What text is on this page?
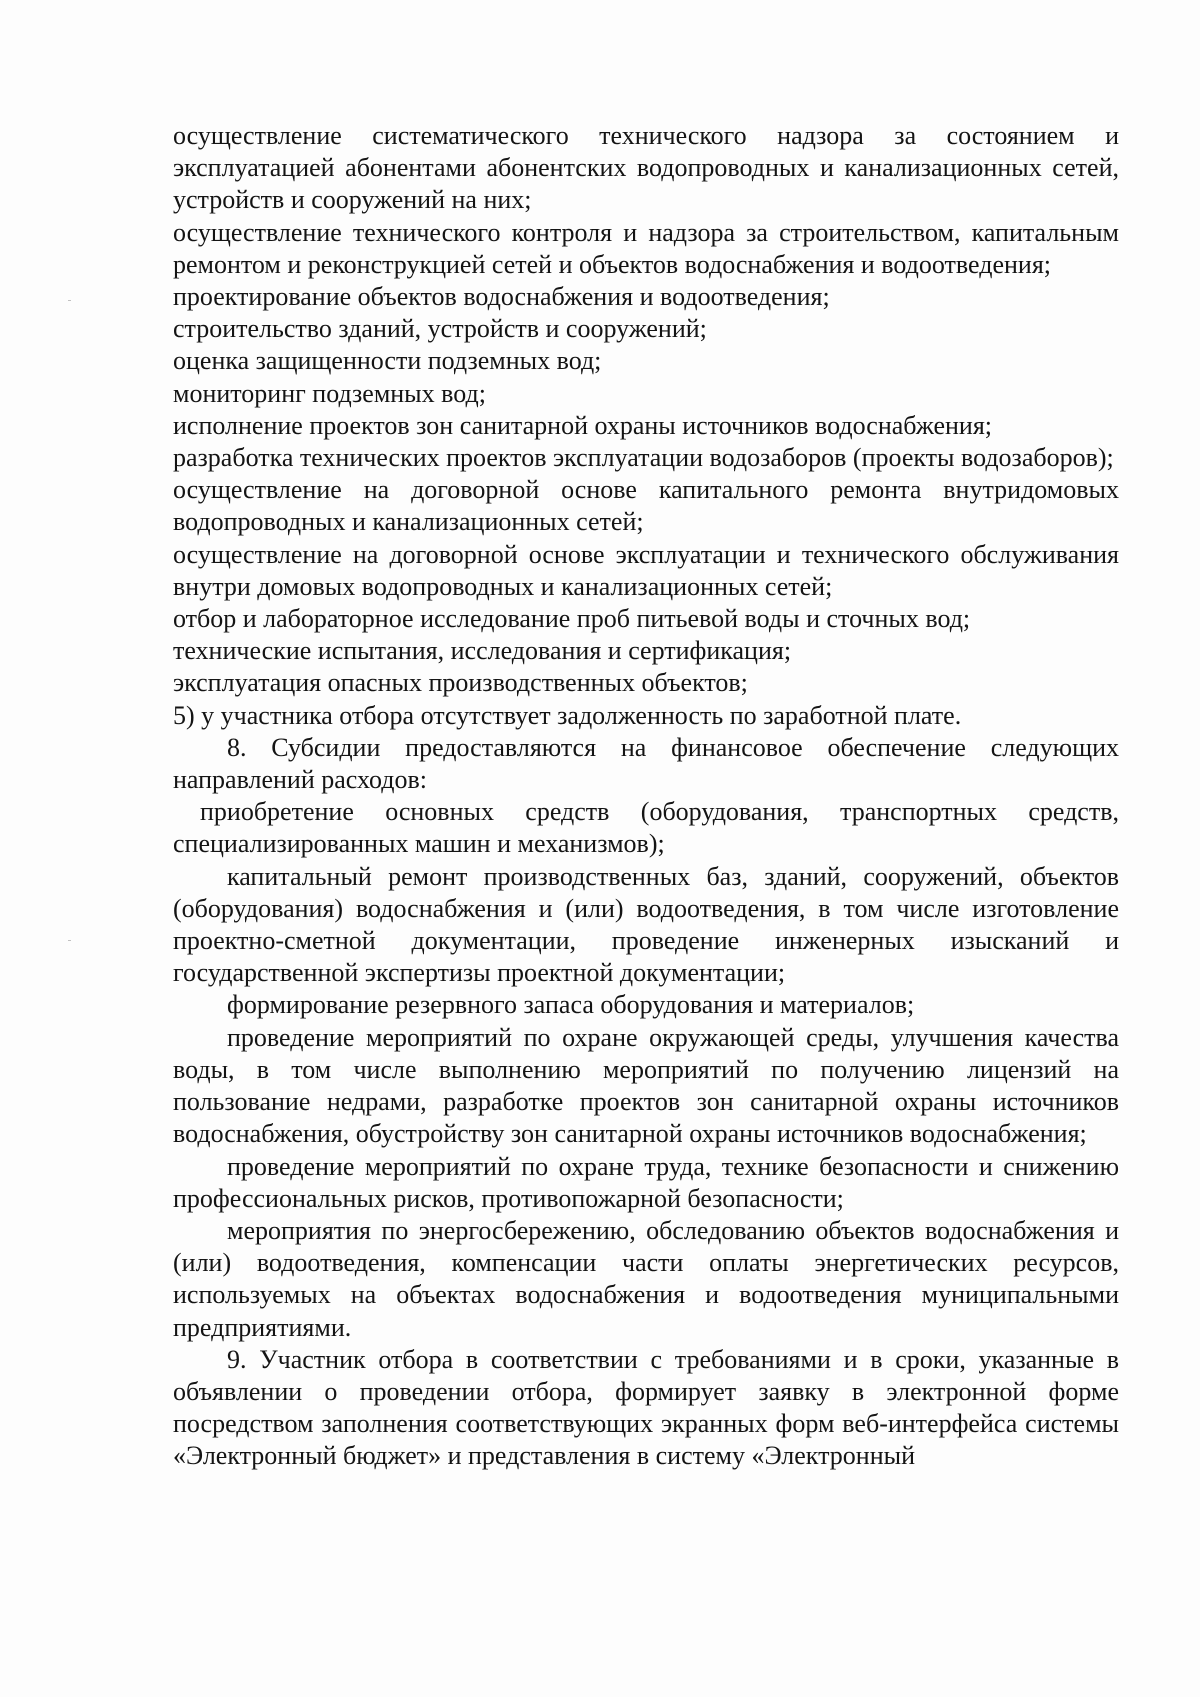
осуществление систематического технического надзора за состоянием и эксплуатацией абонентами абонентских водопроводных и канализационных сетей, устройств и сооружений на них;

осуществление технического контроля и надзора за строительством, капитальным ремонтом и реконструкцией сетей и объектов водоснабжения и водоотведения;

проектирование объектов водоснабжения и водоотведения;

строительство зданий, устройств и сооружений;

оценка защищенности подземных вод;

мониторинг подземных вод;

исполнение проектов зон санитарной охраны источников водоснабжения;

разработка технических проектов эксплуатации водозаборов (проекты водозаборов);

осуществление на договорной основе капитального ремонта внутридомовых водопроводных и канализационных сетей;

осуществление на договорной основе эксплуатации и технического обслуживания внутри домовых водопроводных и канализационных сетей;

отбор и лабораторное исследование проб питьевой воды и сточных вод;

технические испытания, исследования и сертификация;

эксплуатация опасных производственных объектов;

5) у участника отбора отсутствует задолженность по заработной плате.

8. Субсидии предоставляются на финансовое обеспечение следующих направлений расходов:

приобретение основных средств (оборудования, транспортных средств, специализированных машин и механизмов);

капитальный ремонт производственных баз, зданий, сооружений, объектов (оборудования) водоснабжения и (или) водоотведения, в том числе изготовление проектно-сметной документации, проведение инженерных изысканий и государственной экспертизы проектной документации;

формирование резервного запаса оборудования и материалов;

проведение мероприятий по охране окружающей среды, улучшения качества воды, в том числе выполнению мероприятий по получению лицензий на пользование недрами, разработке проектов зон санитарной охраны источников водоснабжения, обустройству зон санитарной охраны источников водоснабжения;

проведение мероприятий по охране труда, технике безопасности и снижению профессиональных рисков, противопожарной безопасности;

мероприятия по энергосбережению, обследованию объектов водоснабжения и (или) водоотведения, компенсации части оплаты энергетических ресурсов, используемых на объектах водоснабжения и водоотведения муниципальными предприятиями.

9. Участник отбора в соответствии с требованиями и в сроки, указанные в объявлении о проведении отбора, формирует заявку в электронной форме посредством заполнения соответствующих экранных форм веб-интерфейса системы «Электронный бюджет» и представления в систему «Электронный
